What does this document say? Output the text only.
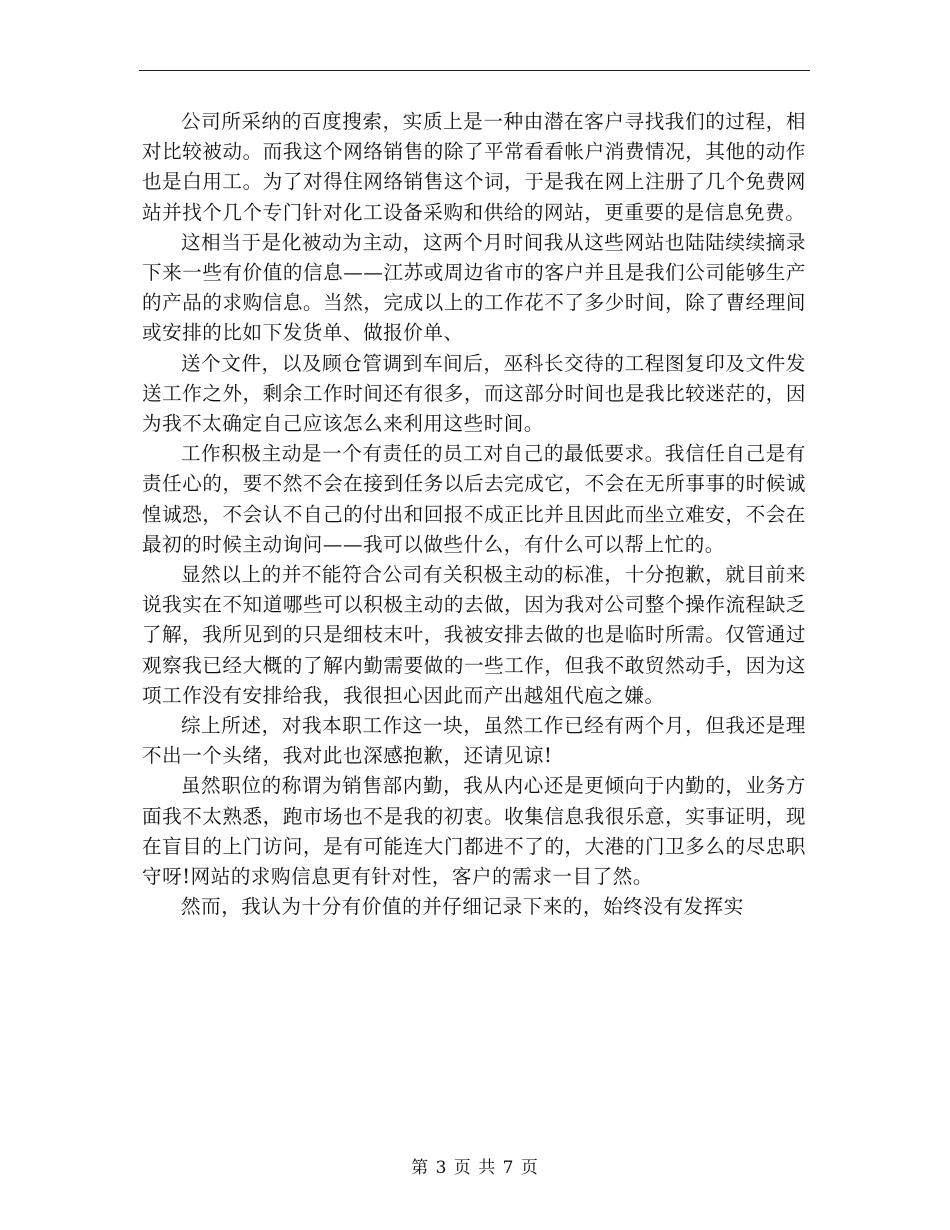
公司所采纳的百度搜索，实质上是一种由潜在客户寻找我们的过程，相对比较被动。而我这个网络销售的除了平常看看帐户消费情况，其他的动作也是白用工。为了对得住网络销售这个词，于是我在网上注册了几个免费网站并找个几个专门针对化工设备采购和供给的网站，更重要的是信息免费。

这相当于是化被动为主动，这两个月时间我从这些网站也陆陆续续摘录下来一些有价值的信息——江苏或周边省市的客户并且是我们公司能够生产的产品的求购信息。当然，完成以上的工作花不了多少时间，除了曹经理间或安排的比如下发货单、做报价单、

送个文件，以及顾仓管调到车间后，巫科长交待的工程图复印及文件发送工作之外，剩余工作时间还有很多，而这部分时间也是我比较迷茫的，因为我不太确定自己应该怎么来利用这些时间。

工作积极主动是一个有责任的员工对自己的最低要求。我信任自己是有责任心的，要不然不会在接到任务以后去完成它，不会在无所事事的时候诚惶诚恐，不会认不自己的付出和回报不成正比并且因此而坐立难安，不会在最初的时候主动询问——我可以做些什么，有什么可以帮上忙的。

显然以上的并不能符合公司有关积极主动的标准，十分抱歉，就目前来说我实在不知道哪些可以积极主动的去做，因为我对公司整个操作流程缺乏了解，我所见到的只是细枝末叶，我被安排去做的也是临时所需。仅管通过观察我已经大概的了解内勤需要做的一些工作，但我不敢贸然动手，因为这项工作没有安排给我，我很担心因此而产出越俎代庖之嫌。

综上所述，对我本职工作这一块，虽然工作已经有两个月，但我还是理不出一个头绪，我对此也深感抱歉，还请见谅!

虽然职位的称谓为销售部内勤，我从内心还是更倾向于内勤的，业务方面我不太熟悉，跑市场也不是我的初衷。收集信息我很乐意，实事证明，现在盲目的上门访问，是有可能连大门都进不了的，大港的门卫多么的尽忠职守呀!网站的求购信息更有针对性，客户的需求一目了然。

然而，我认为十分有价值的并仔细记录下来的，始终没有发挥实

第 3 页 共 7 页
